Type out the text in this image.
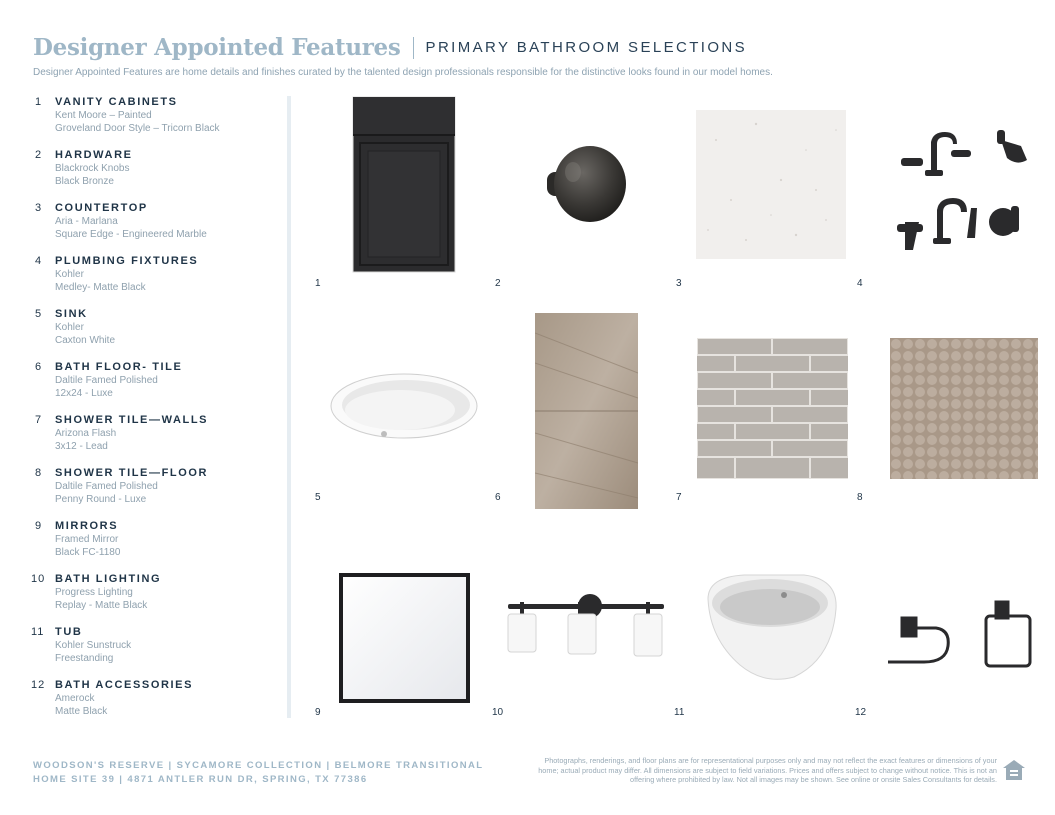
Designer Appointed Features PRIMARY BATHROOM SELECTIONS
Designer Appointed Features are home details and finishes curated by the talented design professionals responsible for the distinctive looks found in our model homes.
1 VANITY CABINETS
Kent Moore – Painted
Groveland Door Style – Tricorn Black
2 HARDWARE
Blackrock Knobs
Black Bronze
3 COUNTERTOP
Aria - Marlana
Square Edge - Engineered Marble
4 PLUMBING FIXTURES
Kohler
Medley- Matte Black
5 SINK
Kohler
Caxton White
6 BATH FLOOR- TILE
Daltile Famed Polished
12x24 - Luxe
7 SHOWER TILE—WALLS
Arizona Flash
3x12 - Lead
8 SHOWER TILE—FLOOR
Daltile Famed Polished
Penny Round - Luxe
9 MIRRORS
Framed Mirror
Black FC-1180
10 BATH LIGHTING
Progress Lighting
Replay - Matte Black
11 TUB
Kohler Sunstruck
Freestanding
12 BATH ACCESSORIES
Amerock
Matte Black
1	2	3	4
5	6	7	8
9	10	11	12
WOODSON'S RESERVE | SYCAMORE COLLECTION | BELMORE TRANSITIONAL
HOME SITE 39 | 4871 ANTLER RUN DR, SPRING, TX 77386
Photographs, renderings, and floor plans are for representational purposes only and may not reflect the exact features or dimensions of your home; actual product may differ. All dimensions are subject to field variations. Prices and offers subject to change without notice. This is not an offering where prohibited by law. Not all images may be shown. See online or onsite Sales Consultants for details.
